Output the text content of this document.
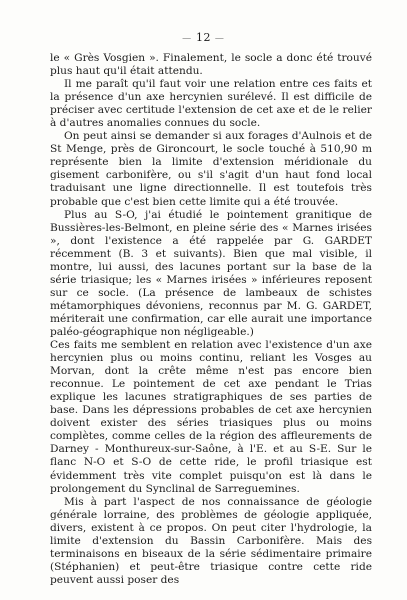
— 12 —

le « Grès Vosgien ». Finalement, le socle a donc été trouvé plus haut qu'il était attendu.

Il me paraît qu'il faut voir une relation entre ces faits et la présence d'un axe hercynien surélevé. Il est difficile de préciser avec certitude l'extension de cet axe et de le relier à d'autres anomalies connues du socle.

On peut ainsi se demander si aux forages d'Aulnois et de St Menge, près de Gironcourt, le socle touché à 510,90 m représente bien la limite d'extension méridionale du gisement carbonifère, ou s'il s'agit d'un haut fond local traduisant une ligne directionnelle. Il est toutefois très probable que c'est bien cette limite qui a été trouvée.

Plus au S-O, j'ai étudié le pointement granitique de Bussières-les-Belmont, en pleine série des « Marnes irisées », dont l'existence a été rappelée par G. GARDET récemment (B. 3 et suivants). Bien que mal visible, il montre, lui aussi, des lacunes portant sur la base de la série triasique; les « Marnes irisées » inférieures reposent sur ce socle. (La présence de lambeaux de schistes métamorphiques dévoniens, reconnus par M. G. GARDET, mériterait une confirmation, car elle aurait une importance paléo-géographique non négligeable.)

Ces faits me semblent en relation avec l'existence d'un axe hercynien plus ou moins continu, reliant les Vosges au Morvan, dont la crête même n'est pas encore bien reconnue. Le pointement de cet axe pendant le Trias explique les lacunes stratigraphiques de ses parties de base. Dans les dépressions probables de cet axe hercynien doivent exister des séries triasiques plus ou moins complètes, comme celles de la région des affleurements de Darney - Monthureux-sur-Saône, à l'E. et au S-E. Sur le flanc N-O et S-O de cette ride, le profil triasique est évidemment très vite complet puisqu'on est là dans le prolongement du Synclinal de Sarreguemines.

Mis à part l'aspect de nos connaissance de géologie générale lorraine, des problèmes de géologie appliquée, divers, existent à ce propos. On peut citer l'hydrologie, la limite d'extension du Bassin Carbonifère. Mais des terminaisons en biseaux de la série sédimentaire primaire (Stéphanien) et peut-être triasique contre cette ride peuvent aussi poser des
